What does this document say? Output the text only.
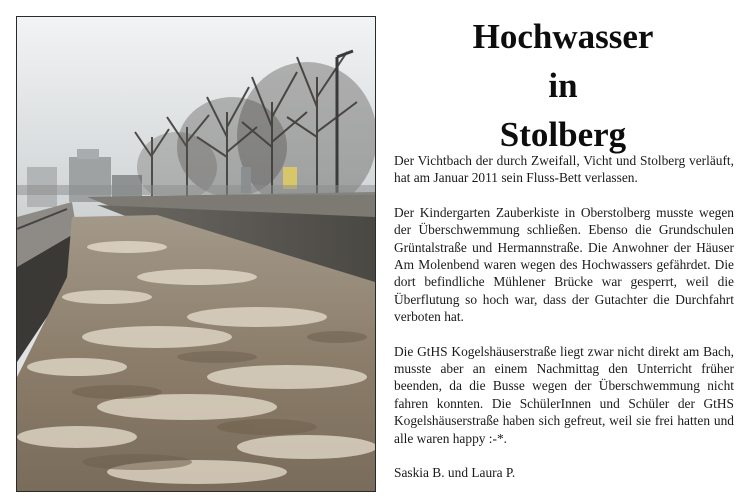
Hochwasser
in
Stolberg

Der Vichtbach der durch Zweifall, Vicht und Stolberg verläuft, hat am Januar 2011 sein Fluss-Bett verlassen.

Der Kindergarten Zauberkiste in Oberstolberg musste wegen der Überschwemmung schließen. Ebenso die Grundschulen Grüntalstraße und Hermannstraße. Die Anwohner der Häuser Am Molenbend waren wegen des Hochwassers gefährdet. Die dort befindliche Mühlener Brücke war gesperrt, weil die Überflutung so hoch war, dass der Gutachter die Durchfahrt verboten hat.

Die GtHS Kogelshäuserstraße liegt zwar nicht direkt am Bach, musste aber an einem Nachmittag den Unterricht früher beenden, da die Busse wegen der Überschwemmung nicht fahren konnten. Die SchülerInnen und Schüler der GtHS Kogelshäuserstraße haben sich gefreut, weil sie frei hatten und alle waren happy :-*.

Saskia B. und Laura P.
